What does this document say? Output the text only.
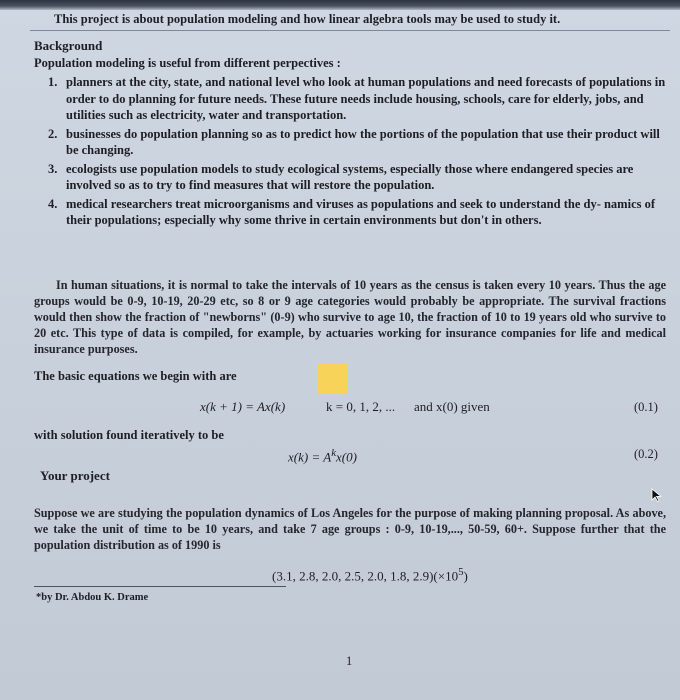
This project is about population modeling and how linear algebra tools may be used to study it.
Background
Population modeling is useful from different perpectives :
1. planners at the city, state, and national level who look at human populations and need forecasts of populations in order to do planning for future needs. These future needs include housing, schools, care for elderly, jobs, and utilities such as electricity, water and transportation.
2. businesses do population planning so as to predict how the portions of the population that use their product will be changing.
3. ecologists use population models to study ecological systems, especially those where endangered species are involved so as to try to find measures that will restore the population.
4. medical researchers treat microorganisms and viruses as populations and seek to understand the dy- namics of their populations; especially why some thrive in certain environments but don't in others.

In human situations, it is normal to take the intervals of 10 years as the census is taken every 10 years. Thus the age groups would be 0-9, 10-19, 20-29 etc, so 8 or 9 age categories would probably be appropriate. The survival fractions would then show the fraction of "newborns" (0-9) who survive to age 10, the fraction of 10 to 19 years old who survive to 20 etc. This type of data is compiled, for example, by actuaries working for insurance companies for life and medical insurance purposes.

The basic equations we begin with are
x(k + 1) = Ax(k)	k = 0, 1, 2, ... and x(0) given	(0.1)
with solution found iteratively to be
$x(k) = A^kx(0)$	(0.2)
Your project
Suppose we are studying the population dynamics of Los Angeles for the purpose of making planning proposal. As above, we take the unit of time to be 10 years, and take 7 age groups : 0-9, 10-19,..., 50-59, 60+. Suppose further that the population distribution as of 1990 is
(3.1, 2.8, 2.0, 2.5, 2.0, 1.8, $2.9)(\times 10^5)$
*by Dr. Abdou K. Drame
1
